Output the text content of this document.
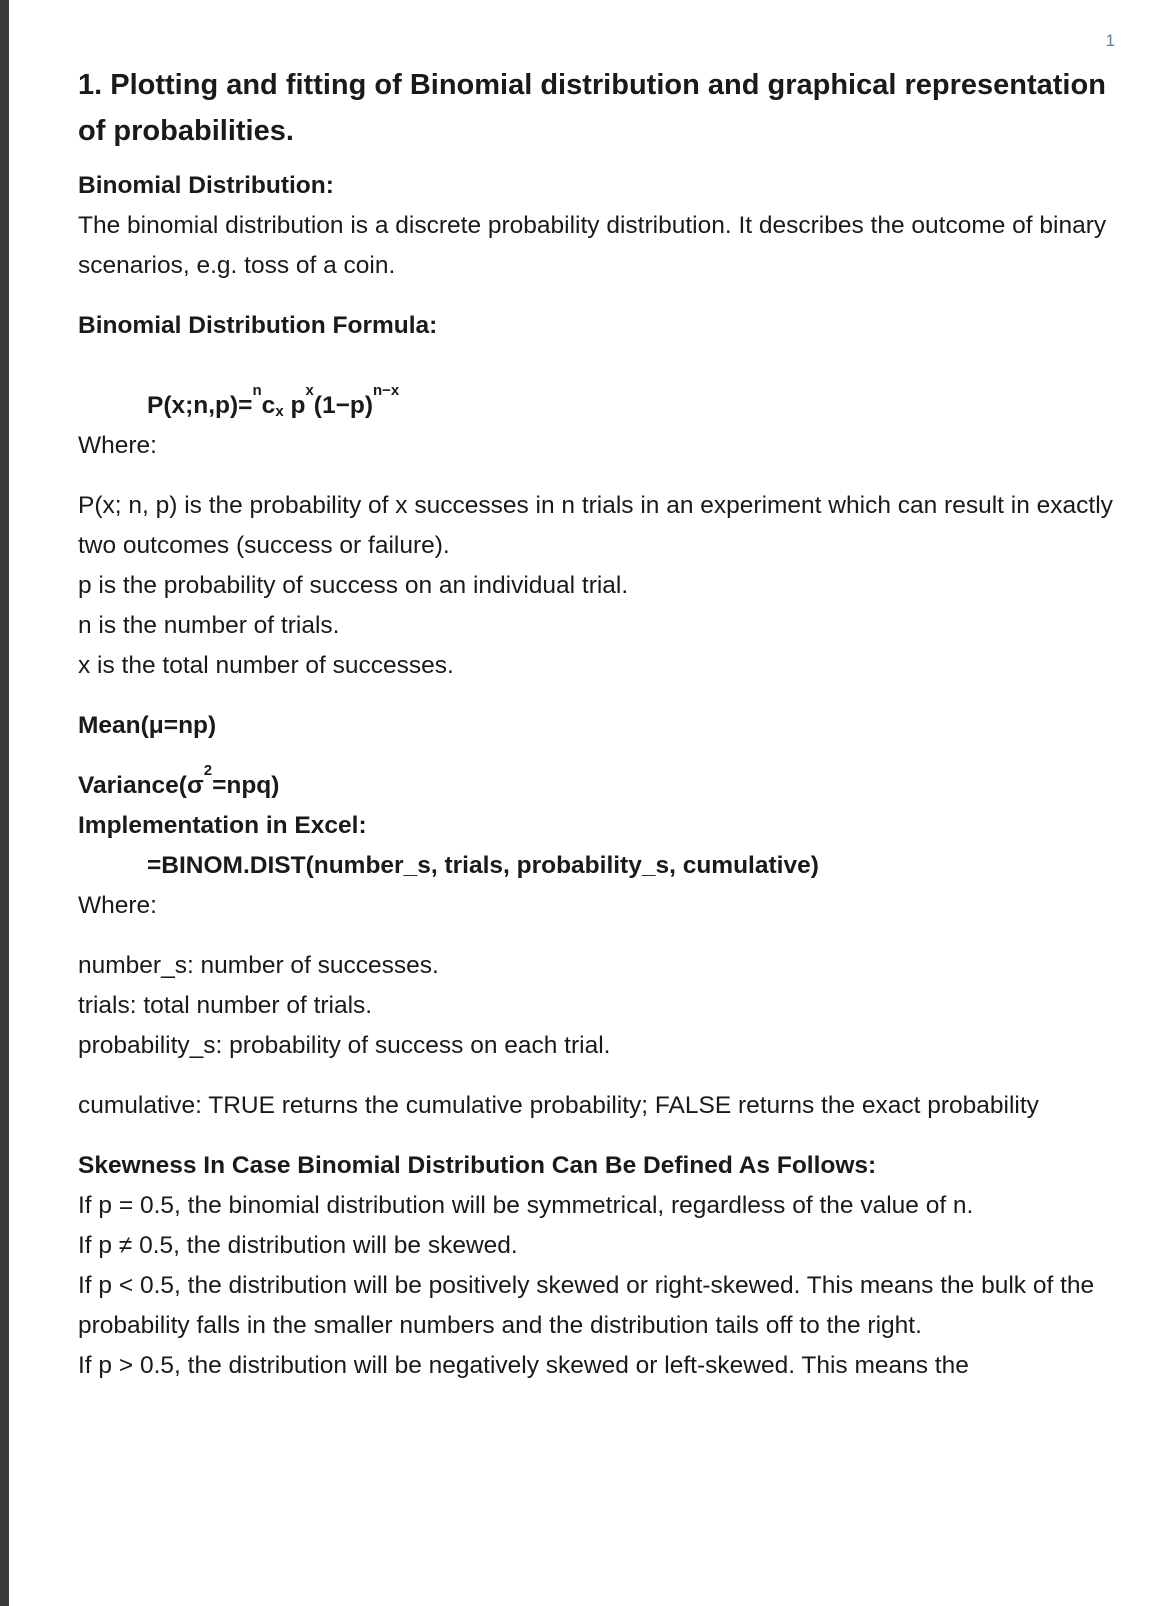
1
1. Plotting and fitting of Binomial distribution and graphical representation of probabilities.

Binomial Distribution:

The binomial distribution is a discrete probability distribution. It describes the outcome of binary scenarios, e.g. toss of a coin.

Binomial Distribution Formula:

$P(x;n,p)=^nc_x$ $p^x(1-p)^{n-x}$

Where:

P(x; n, p) is the probability of x successes in n trials in an experiment which can result in exactly two outcomes (success or failure).

p is the probability of success on an individual trial.

n is the number of trials.

x is the total number of successes.

Mean(μ=np)

$Variance(\sigma^2=npq)$

Implementation in Excel:

=BINOM.DIST(number_s, trials, probability_s, cumulative)

Where:

number_s: number of successes.

trials: total number of trials.

probability_s: probability of success on each trial.

cumulative: TRUE returns the cumulative probability; FALSE returns the exact probability

Skewness In Case Binomial Distribution Can Be Defined As Follows:

If p = 0.5, the binomial distribution will be symmetrical, regardless of the value of n.

If p ≠ 0.5, the distribution will be skewed.

If p < 0.5, the distribution will be positively skewed or right-skewed. This means the bulk of the probability falls in the smaller numbers and the distribution tails off to the right.

If p > 0.5, the distribution will be negatively skewed or left-skewed. This means the
